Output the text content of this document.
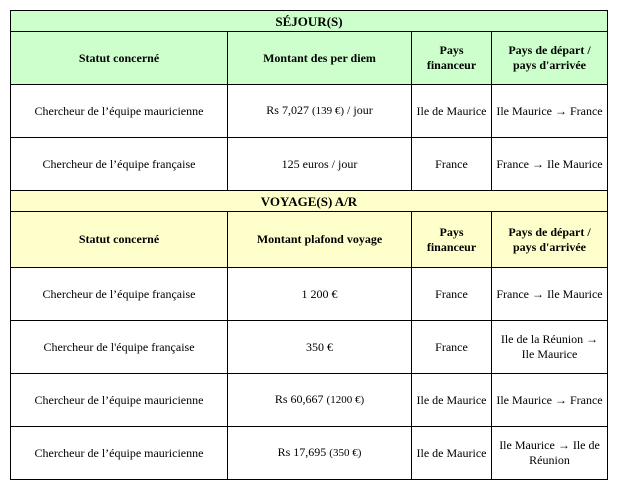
SÉJOUR(S)			
Statut concerné	Montant des per diem	Pays financeur	Pays de départ / pays d'arrivée
Chercheur de l’équipe mauricienne	Rs 7,027 (139 €) / jour	Ile de Maurice	Ile Maurice → France
Chercheur de l’équipe française	125 euros / jour	France	France → Ile Maurice
VOYAGE(S) A/R			
Statut concerné	Montant plafond voyage	Pays financeur	Pays de départ / pays d'arrivée
Chercheur de l’équipe française	1 200 €	France	France → Ile Maurice
Chercheur de l'équipe française	350 €	France	Ile de la Réunion → Ile Maurice
Chercheur de l’équipe mauricienne	Rs 60,667 (1200 €)	Ile de Maurice	Ile Maurice → France
Chercheur de l’équipe mauricienne	Rs 17,695 (350 €)	Ile de Maurice	Ile Maurice → Ile de Réunion
